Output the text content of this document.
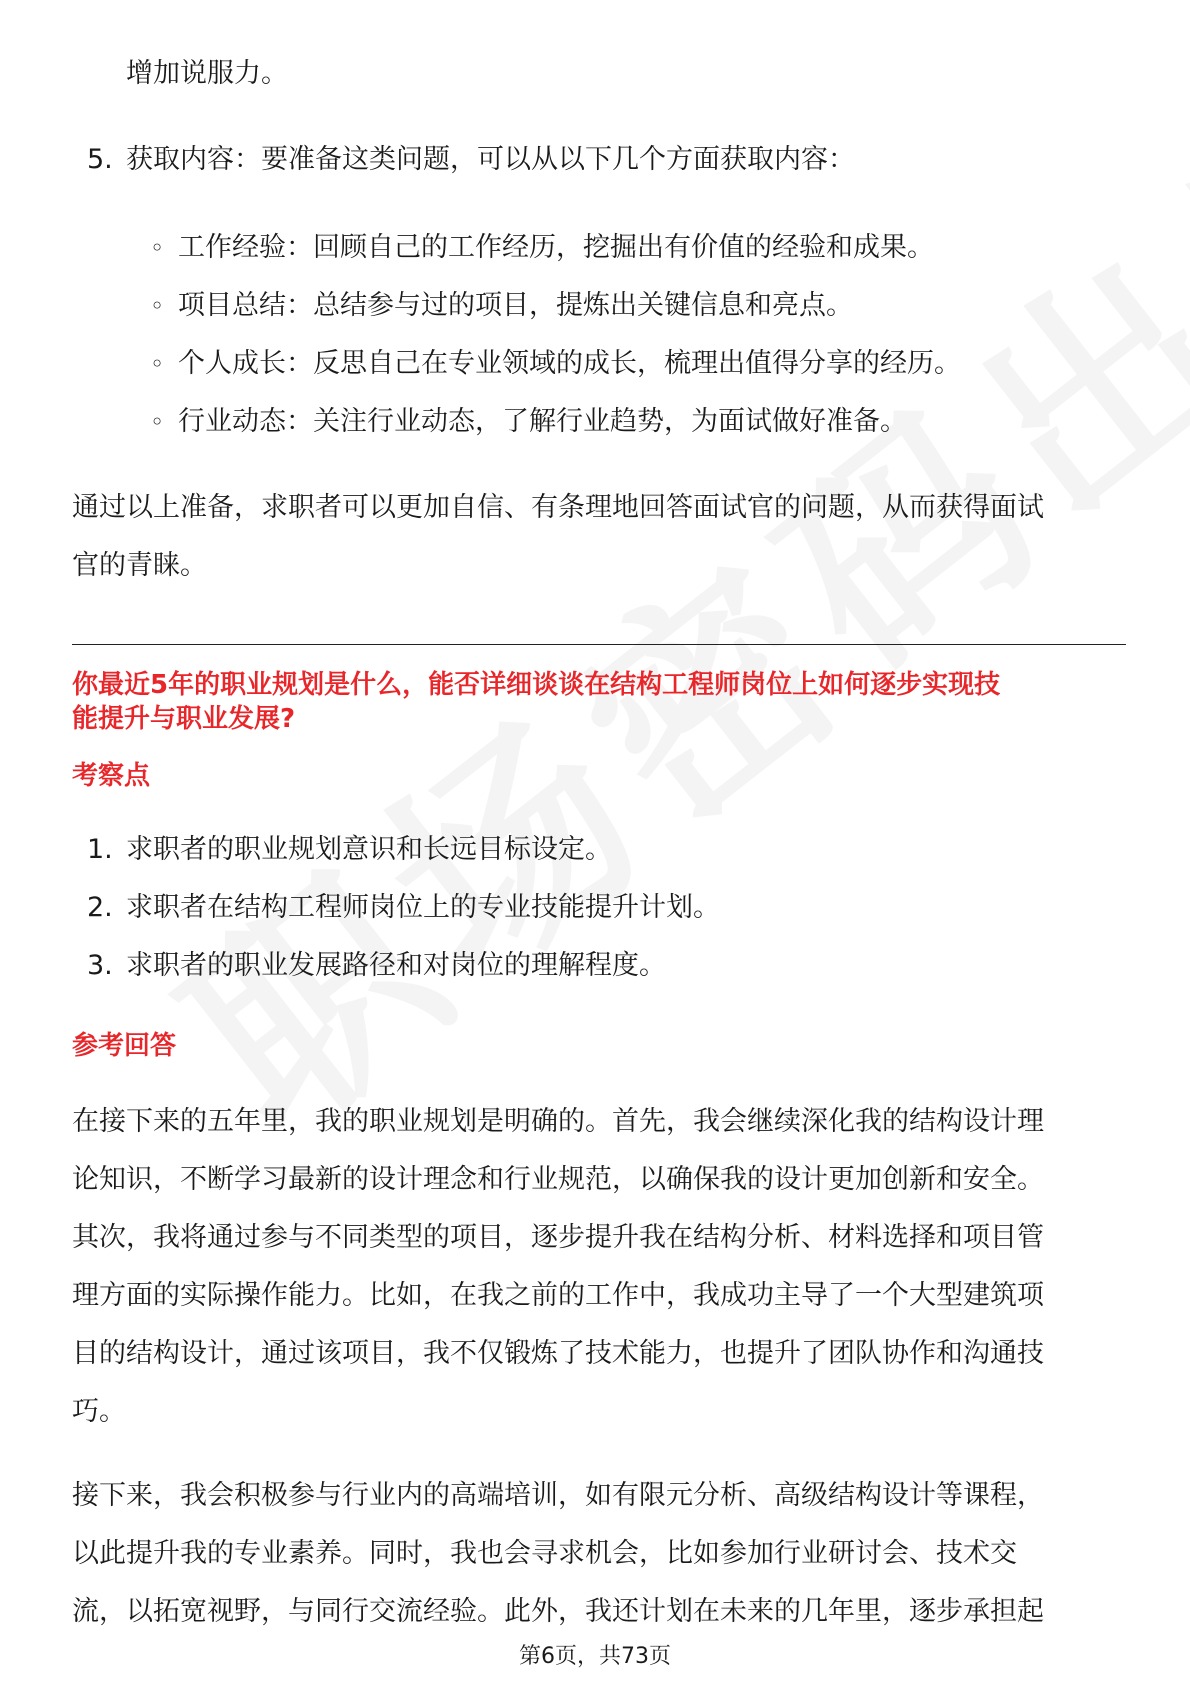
增加说服力。
5. 获取内容：要准备这类问题，可以从以下几个方面获取内容：
◦ 工作经验：回顾自己的工作经历，挖掘出有价值的经验和成果。
◦ 项目总结：总结参与过的项目，提炼出关键信息和亮点。
◦ 个人成长：反思自己在专业领域的成长，梳理出值得分享的经历。
◦ 行业动态：关注行业动态，了解行业趋势，为面试做好准备。
通过以上准备，求职者可以更加自信、有条理地回答面试官的问题，从而获得面试
官的青睐。
你最近5年的职业规划是什么，能否详细谈谈在结构工程师岗位上如何逐步实现技
能提升与职业发展?
考察点
1. 求职者的职业规划意识和长远目标设定。
2. 求职者在结构工程师岗位上的专业技能提升计划。
3. 求职者的职业发展路径和对岗位的理解程度。
参考回答
在接下来的五年里，我的职业规划是明确的。首先，我会继续深化我的结构设计理
论知识，不断学习最新的设计理念和行业规范，以确保我的设计更加创新和安全。
其次，我将通过参与不同类型的项目，逐步提升我在结构分析、材料选择和项目管
理方面的实际操作能力。比如，在我之前的工作中，我成功主导了一个大型建筑项
目的结构设计，通过该项目，我不仅锻炼了技术能力，也提升了团队协作和沟通技
巧。
接下来，我会积极参与行业内的高端培训，如有限元分析、高级结构设计等课程，
以此提升我的专业素养。同时，我也会寻求机会，比如参加行业研讨会、技术交
流，以拓宽视野，与同行交流经验。此外，我还计划在未来的几年里，逐步承担起
第6页，共73页
